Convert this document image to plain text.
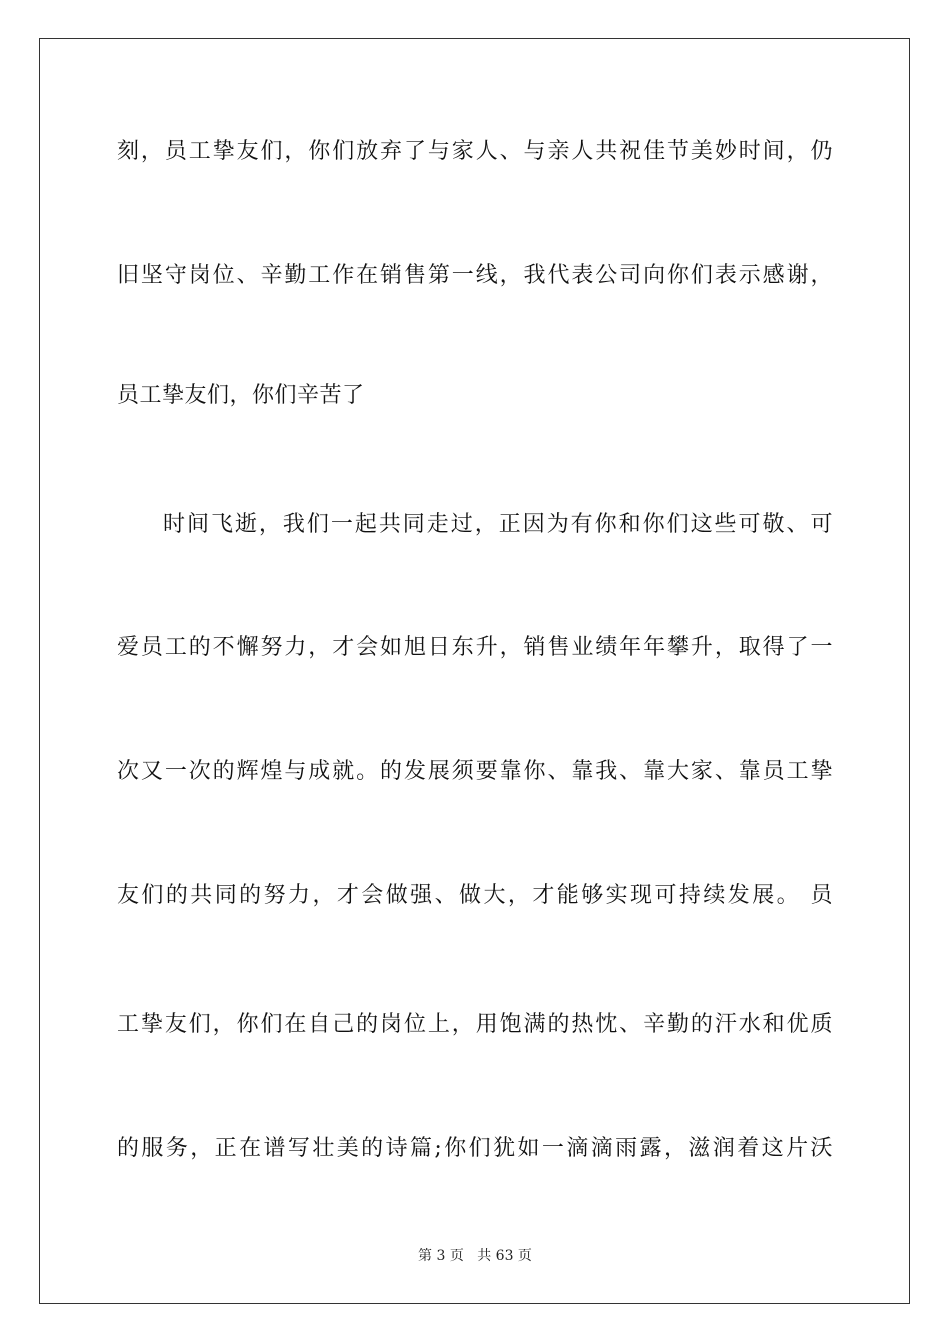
刻，员工挚友们，你们放弃了与家人、与亲人共祝佳节美妙时间，仍
旧坚守岗位、辛勤工作在销售第一线，我代表公司向你们表示感谢，
员工挚友们，你们辛苦了
时间飞逝，我们一起共同走过，正因为有你和你们这些可敬、可
爱员工的不懈努力，才会如旭日东升，销售业绩年年攀升，取得了一
次又一次的辉煌与成就。的发展须要靠你、靠我、靠大家、靠员工挚
友们的共同的努力，才会做强、做大，才能够实现可持续发展。 员
工挚友们，你们在自己的岗位上，用饱满的热忱、辛勤的汗水和优质
的服务，正在谱写壮美的诗篇;你们犹如一滴滴雨露，滋润着这片沃
第 3 页 共 63 页
